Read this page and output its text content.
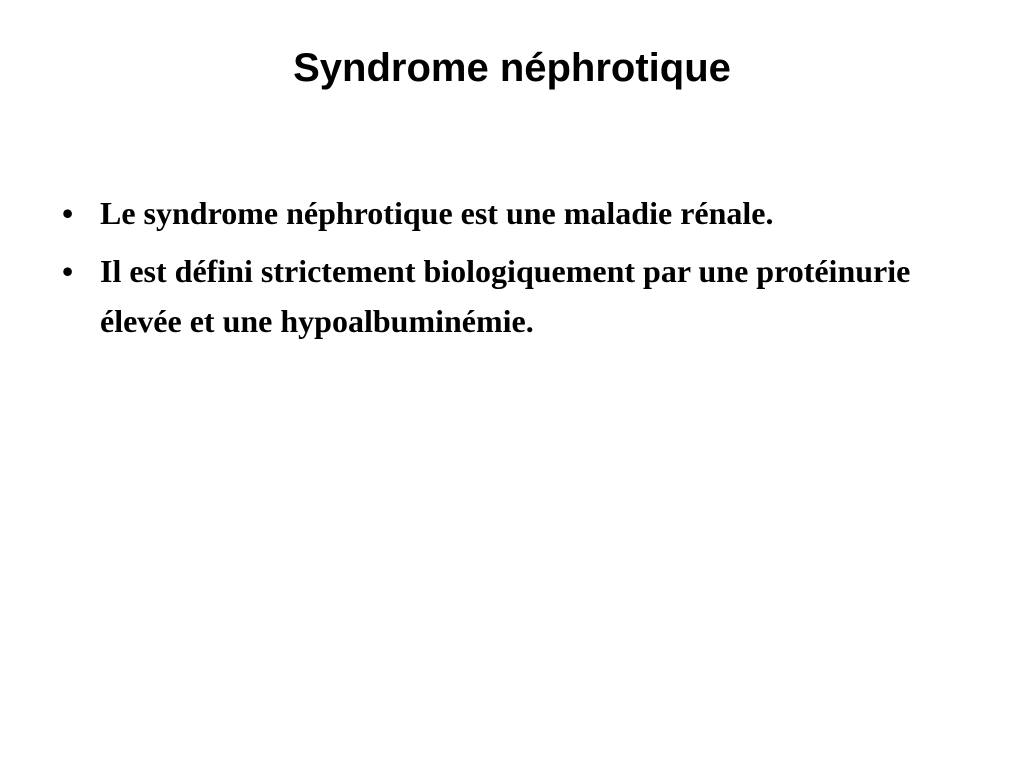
Syndrome néphrotique
• Le syndrome néphrotique est une maladie rénale.
• Il est défini strictement biologiquement par une protéinurie élevée et une hypoalbuminémie.
